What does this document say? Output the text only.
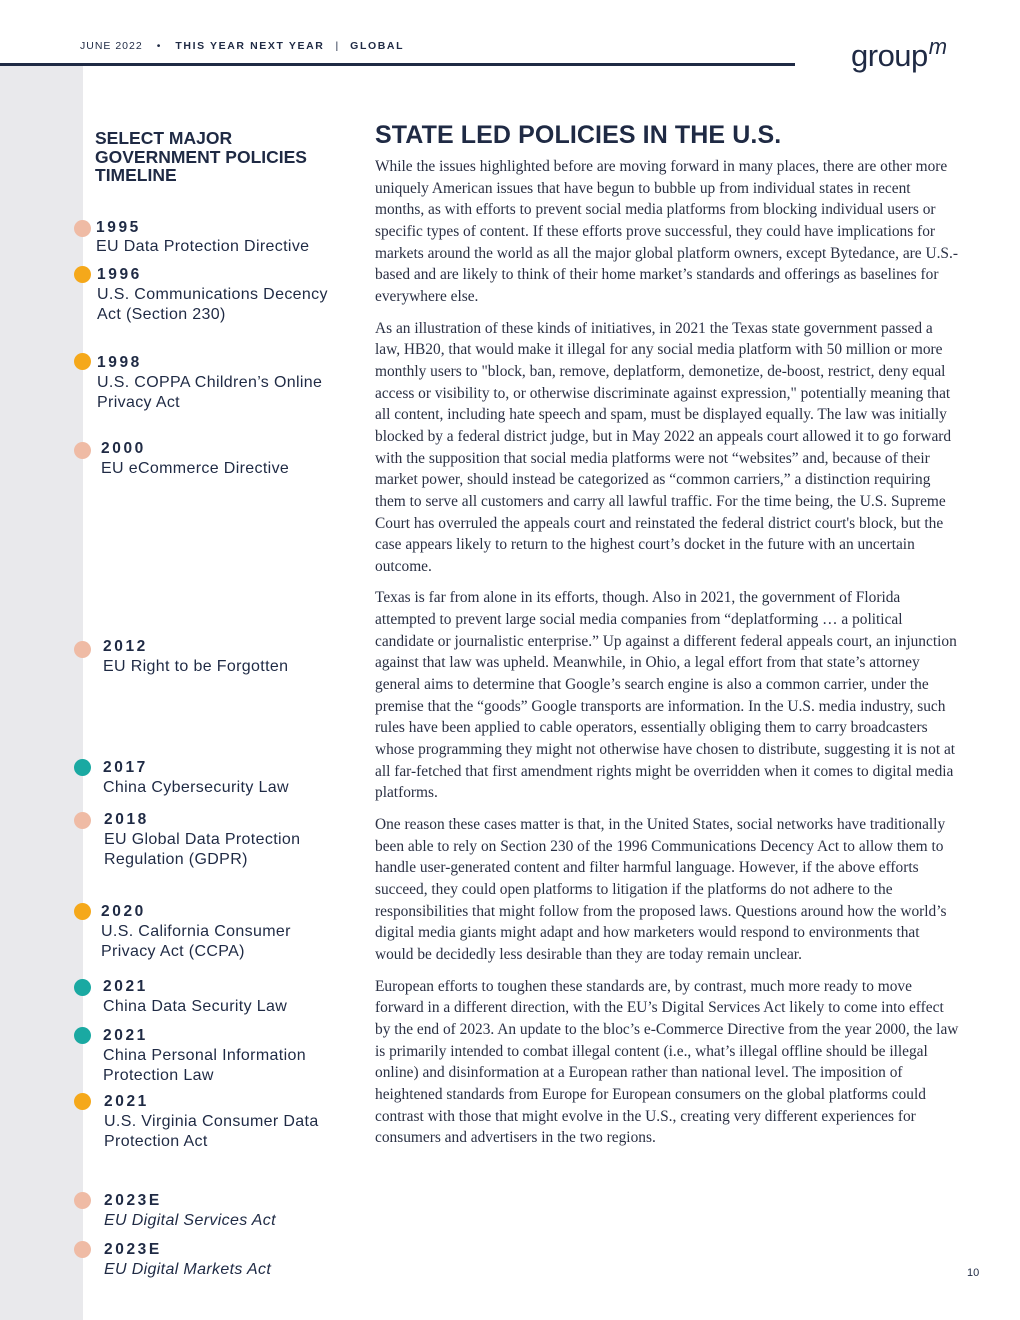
JUNE 2022 • THIS YEAR NEXT YEAR | GLOBAL	group$^m$
SELECT MAJOR GOVERNMENT POLICIES TIMELINE
1995
EU Data Protection Directive
1996
U.S. Communications Decency Act (Section 230)
1998
U.S. COPPA Children’s Online Privacy Act
2000
EU eCommerce Directive
2012
EU Right to be Forgotten
2017
China Cybersecurity Law
2018
EU Global Data Protection Regulation (GDPR)
2020
U.S. California Consumer Privacy Act (CCPA)
2021
China Data Security Law
2021
China Personal Information Protection Law
2021
U.S. Virginia Consumer Data Protection Act
2023E
EU Digital Services Act
2023E
EU Digital Markets Act
STATE LED POLICIES IN THE U.S.

While the issues highlighted before are moving forward in many places, there are other more uniquely American issues that have begun to bubble up from individual states in recent months, as with efforts to prevent social media platforms from blocking individual users or specific types of content. If these efforts prove successful, they could have implications for markets around the world as all the major global platform owners, except Bytedance, are U.S.-based and are likely to think of their home market’s standards and offerings as baselines for everywhere else.

As an illustration of these kinds of initiatives, in 2021 the Texas state government passed a law, HB20, that would make it illegal for any social media platform with 50 million or more monthly users to "block, ban, remove, deplatform, demonetize, de-boost, restrict, deny equal access or visibility to, or otherwise discriminate against expression," potentially meaning that all content, including hate speech and spam, must be displayed equally. The law was initially blocked by a federal district judge, but in May 2022 an appeals court allowed it to go forward with the supposition that social media platforms were not “websites” and, because of their market power, should instead be categorized as “common carriers,” a distinction requiring them to serve all customers and carry all lawful traffic. For the time being, the U.S. Supreme Court has overruled the appeals court and reinstated the federal district court's block, but the case appears likely to return to the highest court’s docket in the future with an uncertain outcome.

Texas is far from alone in its efforts, though. Also in 2021, the government of Florida attempted to prevent large social media companies from “deplatforming … a political candidate or journalistic enterprise.” Up against a different federal appeals court, an injunction against that law was upheld. Meanwhile, in Ohio, a legal effort from that state’s attorney general aims to determine that Google’s search engine is also a common carrier, under the premise that the “goods” Google transports are information. In the U.S. media industry, such rules have been applied to cable operators, essentially obliging them to carry broadcasters whose programming they might not otherwise have chosen to distribute, suggesting it is not at all far-fetched that first amendment rights might be overridden when it comes to digital media platforms.

One reason these cases matter is that, in the United States, social networks have traditionally been able to rely on Section 230 of the 1996 Communications Decency Act to allow them to handle user-generated content and filter harmful language. However, if the above efforts succeed, they could open platforms to litigation if the platforms do not adhere to the responsibilities that might follow from the proposed laws. Questions around how the world’s digital media giants might adapt and how marketers would respond to environments that would be decidedly less desirable than they are today remain unclear.

European efforts to toughen these standards are, by contrast, much more ready to move forward in a different direction, with the EU’s Digital Services Act likely to come into effect by the end of 2023. An update to the bloc’s e-Commerce Directive from the year 2000, the law is primarily intended to combat illegal content (i.e., what’s illegal offline should be illegal online) and disinformation at a European rather than national level. The imposition of heightened standards from Europe for European consumers on the global platforms could contrast with those that might evolve in the U.S., creating very different experiences for consumers and advertisers in the two regions.

10
